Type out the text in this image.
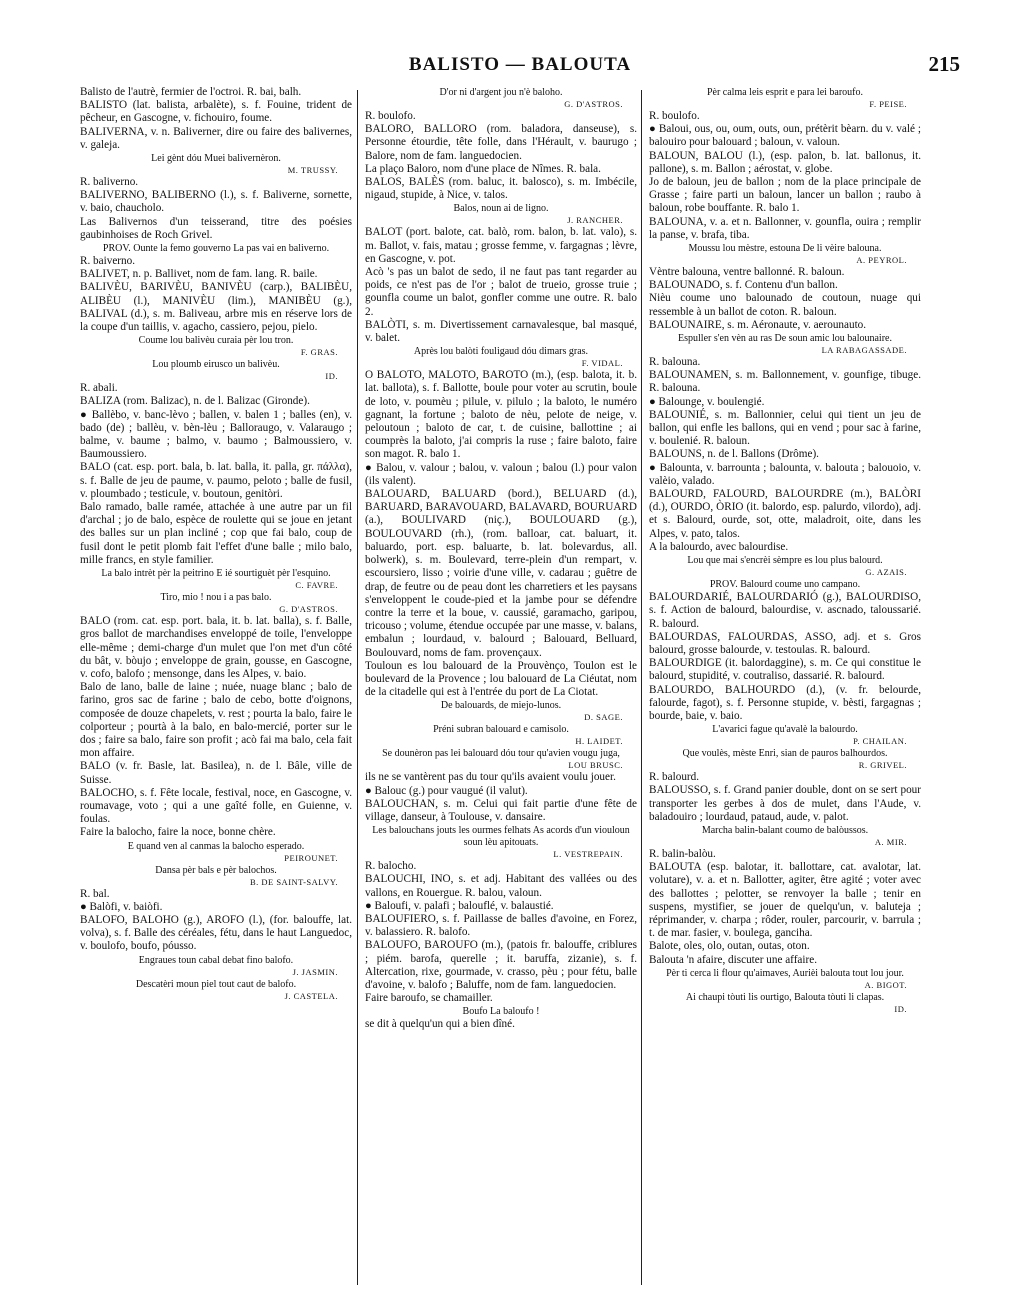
BALISTO — BALOUTA	215

Balisto de l'autrè, fermier de l'octroi. R. bai, balh.

BALISTO (lat. balista, arbalète), s. f. Fouine, trident de pêcheur, en Gascogne, v. fichouiro, foume.

BALIVERNA, v. n. Baliverner, dire ou faire des balivernes, v. galeja.

Lei gènt dóu Muei balivernèron.

M. TRUSSY.

R. baliverno.

BALIVERNO, BALIBERNO (l.), s. f. Baliverne, sornette, v. baio, chaucholo.

Las Balivernos d'un teisserand, titre des poésies gaubinhoises de Roch Grivel.

PROV. Ounte la femo gouverno La pas vai en baliverno.

R. baiverno.

BALIVET, n. p. Ballivet, nom de fam. lang. R. baile.

BALIVÈU, BARIVÈU, BANIVÈU (carp.), BALIBÈU, ALIBÈU (l.), MANIVÈU (lim.), MANIBÈU (g.), BALIVAL (d.), s. m. Baliveau, arbre mis en réserve lors de la coupe d'un taillis, v. agacho, cassiero, pejou, pielo.

Coume lou balivèu curaia pèr lou tron.

F. GRAS.

Lou ploumb eirusco un balivèu.

ID.

R. abali.

BALIZA (rom. Balizac), n. de l. Balizac (Gironde).

● Ballèbo, v. banc-lèvo ; ballen, v. balen 1 ; balles (en), v. bado (de) ; ballèu, v. bèn-lèu ; Balloraugo, v. Valaraugo ; balme, v. baume ; balmo, v. baumo ; Balmoussiero, v. Baumoussiero.

BALO (cat. esp. port. bala, b. lat. balla, it. palla, gr. πάλλα), s. f. Balle de jeu de paume, v. paumo, peloto ; balle de fusil, v. ploumbado ; testicule, v. boutoun, genitòri.

Balo ramado, balle ramée, attachée à une autre par un fil d'archal ; jo de balo, espèce de roulette qui se joue en jetant des balles sur un plan incliné ; cop que fai balo, coup de fusil dont le petit plomb fait l'effet d'une balle ; milo balo, mille francs, en style familier.

La balo intrèt pèr la peitrino E ié sourtiguèt pèr l'esquino.

C. FAVRE.

Tiro, mio ! nou i a pas balo.

G. D'ASTROS.

BALO (rom. cat. esp. port. bala, it. b. lat. balla), s. f. Balle, gros ballot de marchandises enveloppé de toile, l'enveloppe elle-même ; demi-charge d'un mulet que l'on met d'un côté du bât, v. bòujo ; enveloppe de grain, gousse, en Gascogne, v. cofo, balofo ; mensonge, dans les Alpes, v. baio.

Balo de lano, balle de laine ; nuée, nuage blanc ; balo de farino, gros sac de farine ; balo de cebo, botte d'oignons, composée de douze chapelets, v. rest ; pourta la balo, faire le colporteur ; pourtà à la balo, en balo-mercié, porter sur le dos ; faire sa balo, faire son profit ; acò fai ma balo, cela fait mon affaire.

BALO (v. fr. Basle, lat. Basilea), n. de l. Bâle, ville de Suisse.

BALOCHO, s. f. Fête locale, festival, noce, en Gascogne, v. roumavage, voto ; qui a une gaîté folle, en Guienne, v. foulas.

Faire la balocho, faire la noce, bonne chère.

E quand ven al canmas la balocho esperado.

PEIROUNET.

Dansa pèr bals e pèr balochos.

B. DE SAINT-SALVY.

R. bal.

● Balòfi, v. baiòfi.

BALOFO, BALOHO (g.), AROFO (l.), (for. balouffe, lat. volva), s. f. Balle des céréales, fétu, dans le haut Languedoc, v. boulofo, boufo, póusso.

Engraues toun cabal debat fino balofo.

J. JASMIN.

Descatèri moun piel tout caut de balofo.

J. CASTELA.

D'or ni d'argent jou n'è baloho.

G. D'ASTROS.

R. boulofo.

BALORO, BALLORO (rom. baladora, danseuse), s. Personne étourdie, tête folle, dans l'Hérault, v. baurugo ; Balore, nom de fam. languedocien.

La plaço Baloro, nom d'une place de Nîmes. R. bala.

BALOS, BALÈS (rom. baluc, it. balosco), s. m. Imbécile, nigaud, stupide, à Nice, v. talos.

Balos, noun ai de ligno.

J. RANCHER.

BALOT (port. balote, cat. balò, rom. balon, b. lat. valo), s. m. Ballot, v. fais, matau ; grosse femme, v. fargagnas ; lèvre, en Gascogne, v. pot.

Acò 's pas un balot de sedo, il ne faut pas tant regarder au poids, ce n'est pas de l'or ; balot de trueio, grosse truie ; gounfla coume un balot, gonfler comme une outre. R. balo 2.

BALÒTI, s. m. Divertissement carnavalesque, bal masqué, v. balet.

Après lou balòti fouligaud dóu dimars gras.

F. VIDAL.

O BALOTO, MALOTO, BAROTO (m.), (esp. balota, it. b. lat. ballota), s. f. Ballotte, boule pour voter au scrutin, boule de loto, v. poumèu ; pilule, v. pilulo ; la baloto, le numéro gagnant, la fortune ; baloto de nèu, pelote de neige, v. peloutoun ; baloto de car, t. de cuisine, ballottine ; ai coumprès la baloto, j'ai compris la ruse ; faire baloto, faire son magot. R. balo 1.

● Balou, v. valour ; balou, v. valoun ; balou (l.) pour valon (ils valent).

BALOUARD, BALUARD (bord.), BELUARD (d.), BARUARD, BARAVOUARD, BALAVARD, BOURUARD (a.), BOULIVARD (niç.), BOULOUARD (g.), BOULOUVARD (rh.), (rom. balloar, cat. baluart, it. baluardo, port. esp. baluarte, b. lat. bolevardus, all. bolwerk), s. m. Boulevard, terre-plein d'un rempart, v. escoursiero, lisso ; voirie d'une ville, v. cadarau ; guêtre de drap, de feutre ou de peau dont les charretiers et les paysans s'enveloppent le coude-pied et la jambe pour se défendre contre la terre et la boue, v. caussié, garamacho, garipou, tricouso ; volume, étendue occupée par une masse, v. balans, embalun ; lourdaud, v. balourd ; Balouard, Belluard, Boulouvard, noms de fam. provençaux.

Touloun es lou balouard de la Prouvènço, Toulon est le boulevard de la Provence ; lou balouard de La Ciéutat, nom de la citadelle qui est à l'entrée du port de La Ciotat.

De balouards, de miejo-lunos.

D. SAGE.

Préni subran balouard e camisolo.

H. LAIDET.

Se dounèron pas lei balouard dóu tour qu'avien vougu juga,

LOU BRUSC.

ils ne se vantèrent pas du tour qu'ils avaient voulu jouer.

● Balouc (g.) pour vaugué (il valut).

BALOUCHAN, s. m. Celui qui fait partie d'une fête de village, danseur, à Toulouse, v. dansaire.

Les balouchans jouts les ourmes felhats As acords d'un viouloun soun lèu apitouats.

L. VESTREPAIN.

R. balocho.

BALOUCHI, INO, s. et adj. Habitant des vallées ou des vallons, en Rouergue. R. balou, valoun.

● Baloufi, v. palafi ; balouflé, v. balaustié.

BALOUFIERO, s. f. Paillasse de balles d'avoine, en Forez, v. balassiero. R. balofo.

BALOUFO, BAROUFO (m.), (patois fr. balouffe, criblures ; piém. barofa, querelle ; it. baruffa, zizanie), s. f. Altercation, rixe, gourmade, v. crasso, pèu ; pour fétu, balle d'avoine, v. balofo ; Baluffe, nom de fam. languedocien.

Faire baroufo, se chamailler.

Boufo La baloufo !

se dit à quelqu'un qui a bien dîné.

Pèr calma leis esprit e para lei baroufo.

F. PEISE.

R. boulofo.

● Baloui, ous, ou, oum, outs, oun, prétèrit bèarn. du v. valé ; balouiro pour balouard ; baloun, v. valoun.

BALOUN, BALOU (l.), (esp. palon, b. lat. ballonus, it. pallone), s. m. Ballon ; aérostat, v. globe.

Jo de baloun, jeu de ballon ; nom de la place principale de Grasse ; faire parti un baloun, lancer un ballon ; raubo à baloun, robe bouffante. R. balo 1.

BALOUNA, v. a. et n. Ballonner, v. gounfla, ouira ; remplir la panse, v. brafa, tiba.

Moussu lou mèstre, estouna De li vèire balouna.

A. PEYROL.

Vèntre balouna, ventre ballonné. R. baloun.

BALOUNADO, s. f. Contenu d'un ballon.

Nièu coume uno balounado de coutoun, nuage qui ressemble à un ballot de coton. R. baloun.

BALOUNAIRE, s. m. Aéronaute, v. aerounauto.

Espuller s'en vèn au ras De soun amic lou balounaire.

LA RABAGASSADE.

R. balouna.

BALOUNAMEN, s. m. Ballonnement, v. gounfige, tibuge. R. balouna.

● Balounge, v. boulengié.

BALOUNIÉ, s. m. Ballonnier, celui qui tient un jeu de ballon, qui enfle les ballons, qui en vend ; pour sac à farine, v. boulenié. R. baloun.

BALOUNS, n. de l. Ballons (Drôme).

● Balounta, v. barrounta ; balounta, v. balouta ; balouoio, v. valèio, valado.

BALOURD, FALOURD, BALOURDRE (m.), BALÒRI (d.), OURDO, ÒRIO (it. balordo, esp. palurdo, vilordo), adj. et s. Balourd, ourde, sot, otte, maladroit, oite, dans les Alpes, v. pato, talos.

A la balourdo, avec balourdise.

Lou que mai s'encrèi sèmpre es lou plus balourd.

G. AZAIS.

PROV. Balourd coume uno campano.

BALOURDARIÉ, BALOURDARIÓ (g.), BALOURDISO, s. f. Action de balourd, balourdise, v. ascnado, taloussarié. R. balourd.

BALOURDAS, FALOURDAS, ASSO, adj. et s. Gros balourd, grosse balourde, v. testoulas. R. balourd.

BALOURDIGE (it. balordaggine), s. m. Ce qui constitue le balourd, stupidité, v. coutraliso, dassarié. R. balourd.

BALOURDO, BALHOURDO (d.), (v. fr. belourde, falourde, fagot), s. f. Personne stupide, v. bèsti, fargagnas ; bourde, baie, v. baio.

L'avarici fague qu'avalè la balourdo.

P. CHAILAN.

Que voulès, mèste Enri, sian de pauros balhourdos.

R. GRIVEL.

R. balourd.

BALOUSSO, s. f. Grand panier double, dont on se sert pour transporter les gerbes à dos de mulet, dans l'Aude, v. baladouiro ; lourdaud, pataud, aude, v. palot.

Marcha balin-balant coumo de balòussos.

A. MIR.

R. balin-balòu.

BALOUTA (esp. balotar, it. ballottare, cat. avalotar, lat. volutare), v. a. et n. Ballotter, agiter, être agité ; voter avec des ballottes ; pelotter, se renvoyer la balle ; tenir en suspens, mystifier, se jouer de quelqu'un, v. baluteja ; réprimander, v. charpa ; rôder, rouler, parcourir, v. barrula ; t. de mar. fasier, v. boulega, ganciha.

Balote, oles, olo, outan, outas, oton.

Balouta 'n afaire, discuter une affaire.

Pèr ti cerca li flour qu'aimaves, Aurièi balouta tout lou jour.

A. BIGOT.

Ai chaupi tòuti lis ourtigo, Balouta tòuti li clapas.

ID.
